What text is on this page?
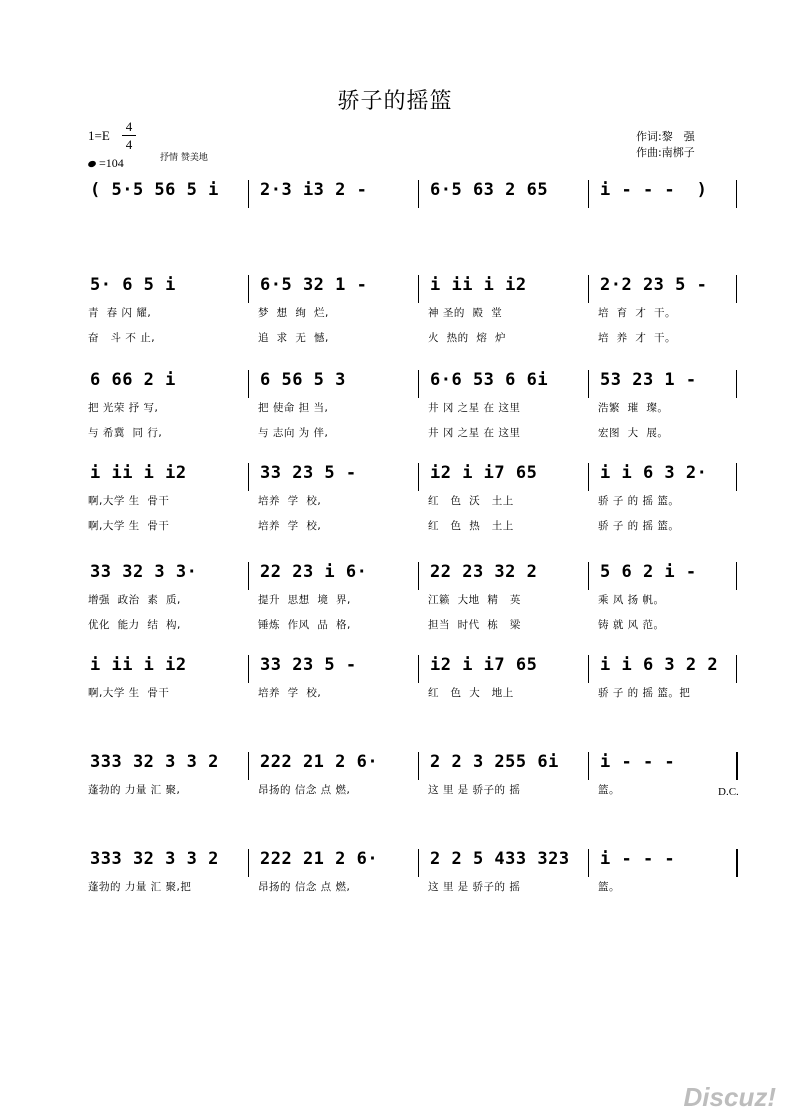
骄子的摇篮
1=E
4
4
=104	抒情 赞美地
作词:黎　强
作曲:南梆子
( 5·5 56 5 i 2·3 i3 2 -	6·5 63 2 65	i - - -  )
5· 6 5 i
青  春 闪 耀,
奋   斗 不 止,
6·5 32 1 -
梦  想  绚  烂,
追  求  无  憾,
i ii i i2
神 圣的  殿  堂
火  热的  熔  炉
2·2 23 5 -
培  育  才  干。
培  养  才  干。
6 66 2 i
把 光荣 抒 写,
与 希冀  同 行,
6 56 5 3
把 使命 担 当,
与 志向 为 伴,
6·6 53 6 6i
井 冈 之星 在 这里
井 冈 之星 在 这里
53 23 1 -
浩繁  璀  璨。
宏图  大  展。
i ii i i2
啊,大学 生  骨干
啊,大学 生  骨干
33 23 5 -
培养  学  校,
培养  学  校,
i2 i i7 65
红   色  沃   土上
红   色  热   土上
i i 6 3 2·
骄 子 的 摇 篮。
骄 子 的 摇 篮。
33 32 3 3·
增强  政治  素  质,
优化  能力  结  构,
22 23 i 6·
提升  思想  境  界,
锤炼  作风  品  格,
22 23 32 2
江籁  大地  精   英
担当  时代  栋   梁
5 6 2 i -
乘 风 扬 帆。
铸 就 风 范。
i ii i i2
啊,大学 生  骨干
33 23 5 -
培养  学  校,
i2 i i7 65
红   色  大   地上
i i 6 3 2 2
骄 子 的 摇 篮。把
333 32 3 3 2
蓬勃的 力量 汇 聚,
222 21 2 6·
昂扬的 信念 点 燃,
2 2 3 255 6i
这 里 是 骄子的 摇
i - - -
篮。
333 32 3 3 2
蓬勃的 力量 汇 聚,把
222 21 2 6·
昂扬的 信念 点 燃,
2 2 5 433 323
这 里 是 骄子的 摇
i - - -
篮。
D.C.
Discuz!
